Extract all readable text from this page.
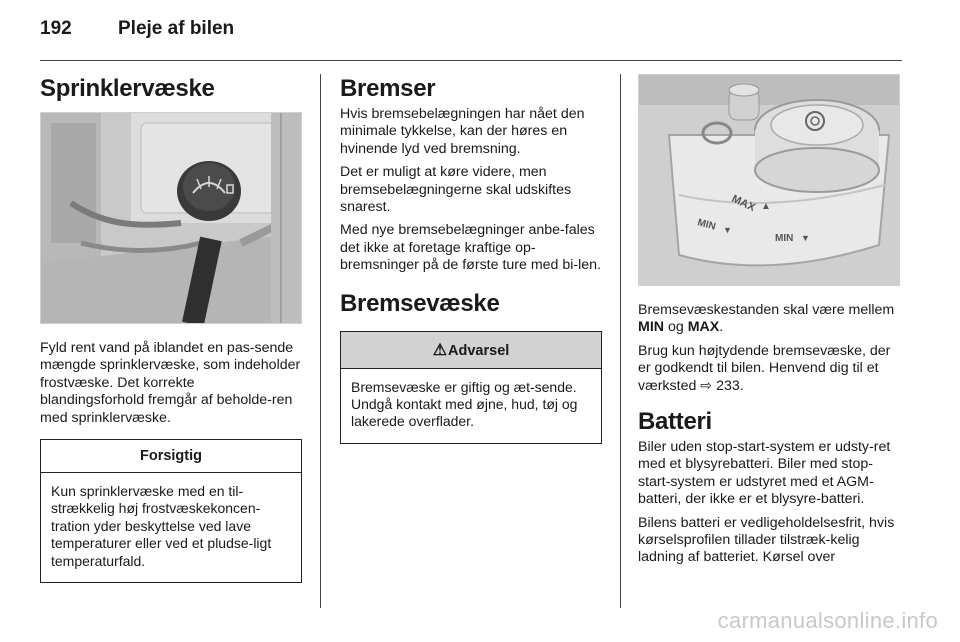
192	Pleje af bilen
Sprinklervæske

Fyld rent vand på iblandet en pas-sende mængde sprinklervæske, som indeholder frostvæske. Det korrekte blandingsforhold fremgår af beholde-ren med sprinklervæske.

Forsigtig

Kun sprinklervæske med en til-strækkelig høj frostvæskekoncen-tration yder beskyttelse ved lave temperaturer eller ved et pludse-ligt temperaturfald.

Bremser

Hvis bremsebelægningen har nået den minimale tykkelse, kan der høres en hvinende lyd ved bremsning.

Det er muligt at køre videre, men bremsebelægningerne skal udskiftes snarest.

Med nye bremsebelægninger anbe-fales det ikke at foretage kraftige op-bremsninger på de første ture med bi-len.

Bremsevæske
⚠Advarsel

Bremsevæske er giftig og æt-sende. Undgå kontakt med øjne, hud, tøj og lakerede overflader.

MAX ▲
MIN ▼
MIN ▼

Bremsevæskestanden skal være mellem MIN og MAX.

Brug kun højtydende bremsevæske, der er godkendt til bilen. Henvend dig til et værksted ⇨ 233.

Batteri

Biler uden stop-start-system er udsty-ret med et blysyrebatteri. Biler med stop-start-system er udstyret med et AGM-batteri, der ikke er et blysyre-batteri.

Bilens batteri er vedligeholdelsesfrit, hvis kørselsprofilen tillader tilstræk-kelig ladning af batteriet. Kørsel over

carmanualsonline.info
